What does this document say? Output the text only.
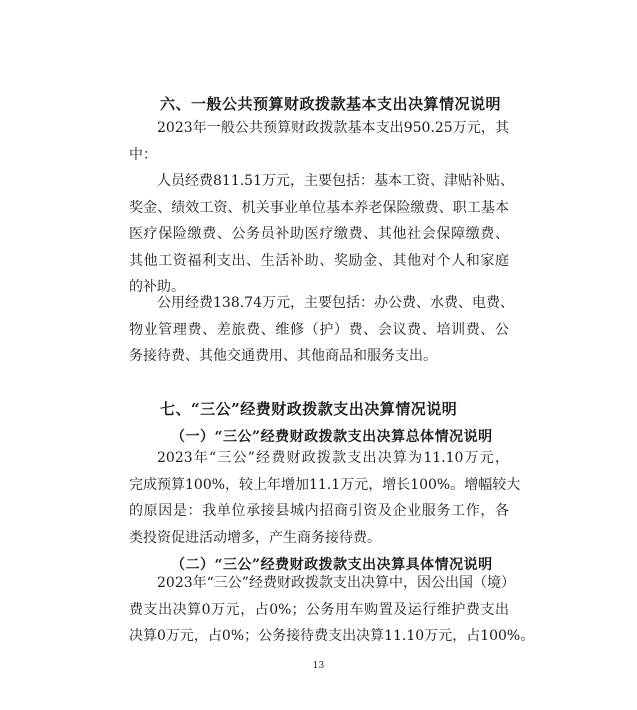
六、一般公共预算财政拨款基本支出决算情况说明

2023年一般公共预算财政拨款基本支出950.25万元，其
中：

人员经费811.51万元，主要包括：基本工资、津贴补贴、
奖金、绩效工资、机关事业单位基本养老保险缴费、职工基本
医疗保险缴费、公务员补助医疗缴费、其他社会保障缴费、
其他工资福利支出、生活补助、奖励金、其他对个人和家庭
的补助。

公用经费138.74万元，主要包括：办公费、水费、电费、
物业管理费、差旅费、维修（护）费、会议费、培训费、公
务接待费、其他交通费用、其他商品和服务支出。

七、“三公”经费财政拨款支出决算情况说明
（一）“三公”经费财政拨款支出决算总体情况说明

2023年“三公”经费财政拨款支出决算为11.10万元，
完成预算100%，较上年增加11.1万元，增长100%。增幅较大
的原因是：我单位承接县城内招商引资及企业服务工作，各
类投资促进活动增多，产生商务接待费。

（二）“三公”经费财政拨款支出决算具体情况说明

2023年“三公”经费财政拨款支出决算中，因公出国（境）
费支出决算0万元，占0%；公务用车购置及运行维护费支出
决算0万元，占0%；公务接待费支出决算11.10万元，占100%。

13
